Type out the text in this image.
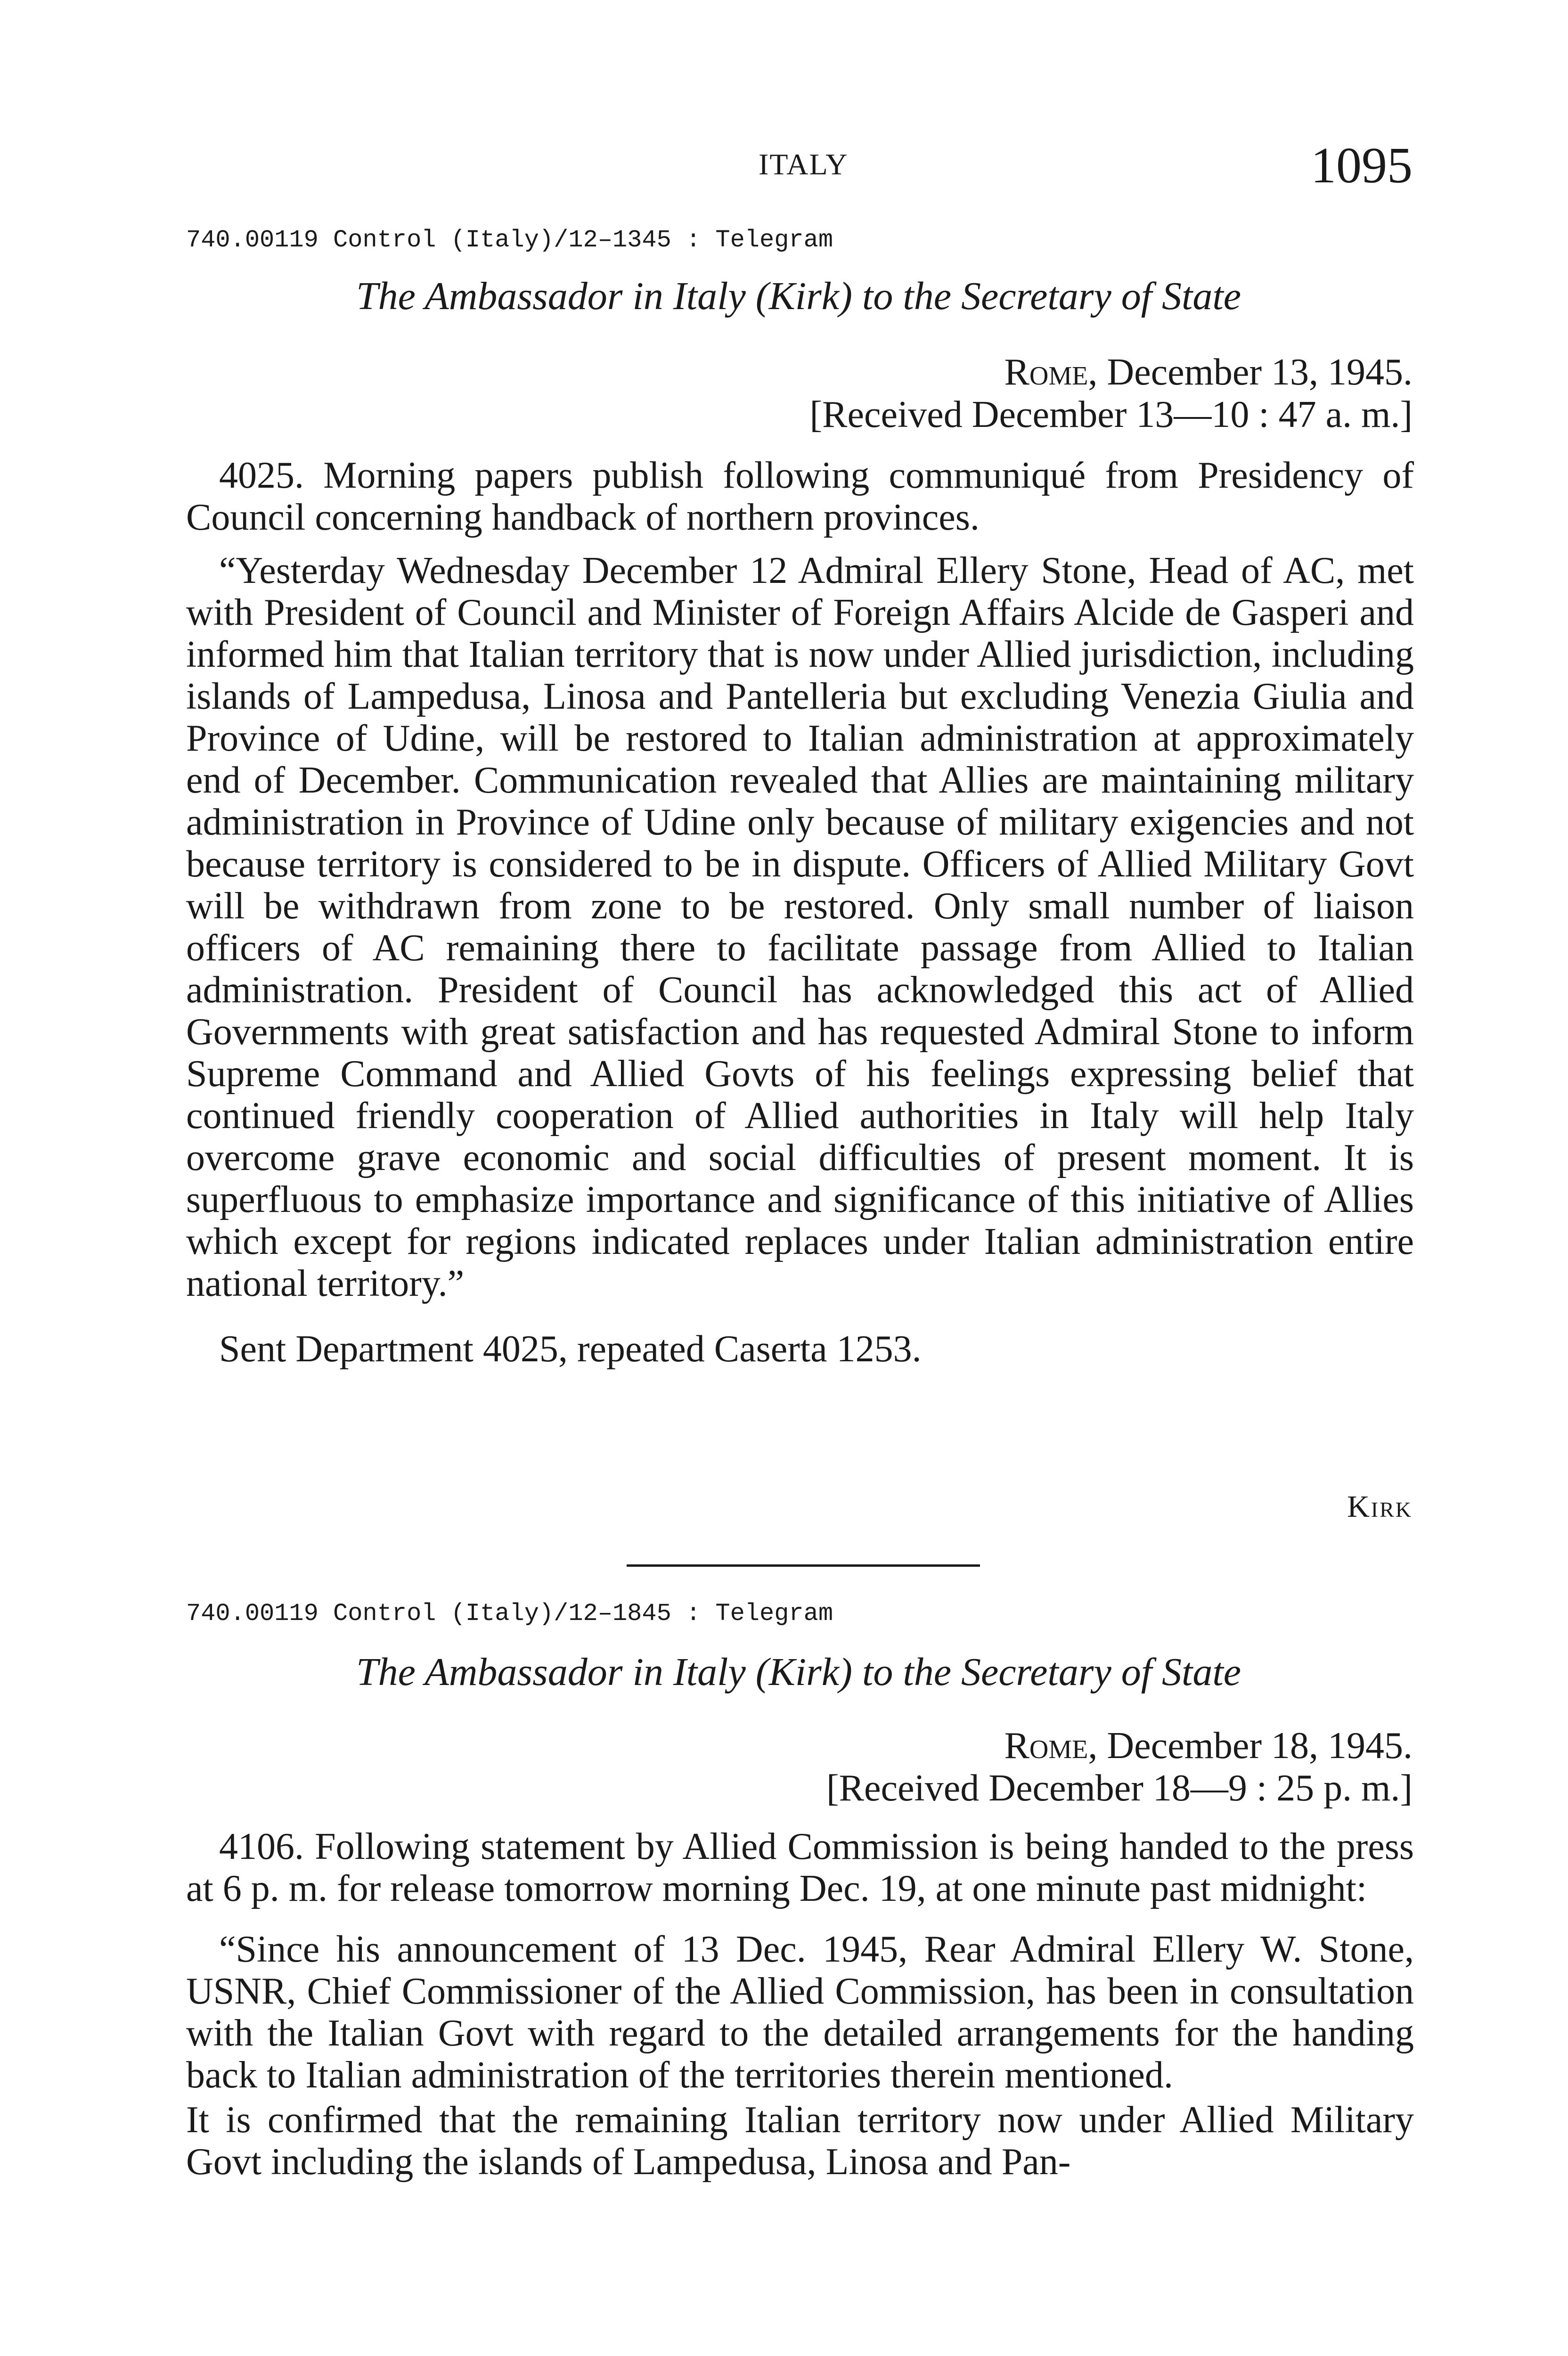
ITALY	1095
740.00119 Control (Italy)/12–1345 : Telegram
The Ambassador in Italy (Kirk) to the Secretary of State
Rome, December 13, 1945.
[Received December 13—10 : 47 a. m.]

4025. Morning papers publish following communiqué from Presidency of Council concerning handback of northern provinces.

“Yesterday Wednesday December 12 Admiral Ellery Stone, Head of AC, met with President of Council and Minister of Foreign Affairs Alcide de Gasperi and informed him that Italian territory that is now under Allied jurisdiction, including islands of Lampedusa, Linosa and Pantelleria but excluding Venezia Giulia and Province of Udine, will be restored to Italian administration at approximately end of December. Communication revealed that Allies are maintaining military administration in Province of Udine only because of military exigencies and not because territory is considered to be in dispute. Officers of Allied Military Govt will be withdrawn from zone to be restored. Only small number of liaison officers of AC remaining there to facilitate passage from Allied to Italian administration. President of Council has acknowledged this act of Allied Governments with great satisfaction and has requested Admiral Stone to inform Supreme Command and Allied Govts of his feelings expressing belief that continued friendly cooperation of Allied authorities in Italy will help Italy overcome grave economic and social difficulties of present moment. It is superfluous to emphasize importance and significance of this initiative of Allies which except for regions indicated replaces under Italian administration entire national territory.”

Sent Department 4025, repeated Caserta 1253.

Kirk
740.00119 Control (Italy)/12–1845 : Telegram
The Ambassador in Italy (Kirk) to the Secretary of State
Rome, December 18, 1945.
[Received December 18—9 : 25 p. m.]

4106. Following statement by Allied Commission is being handed to the press at 6 p. m. for release tomorrow morning Dec. 19, at one minute past midnight:

“Since his announcement of 13 Dec. 1945, Rear Admiral Ellery W. Stone, USNR, Chief Commissioner of the Allied Commission, has been in consultation with the Italian Govt with regard to the detailed arrangements for the handing back to Italian administration of the territories therein mentioned.

It is confirmed that the remaining Italian territory now under Allied Military Govt including the islands of Lampedusa, Linosa and Pan-
